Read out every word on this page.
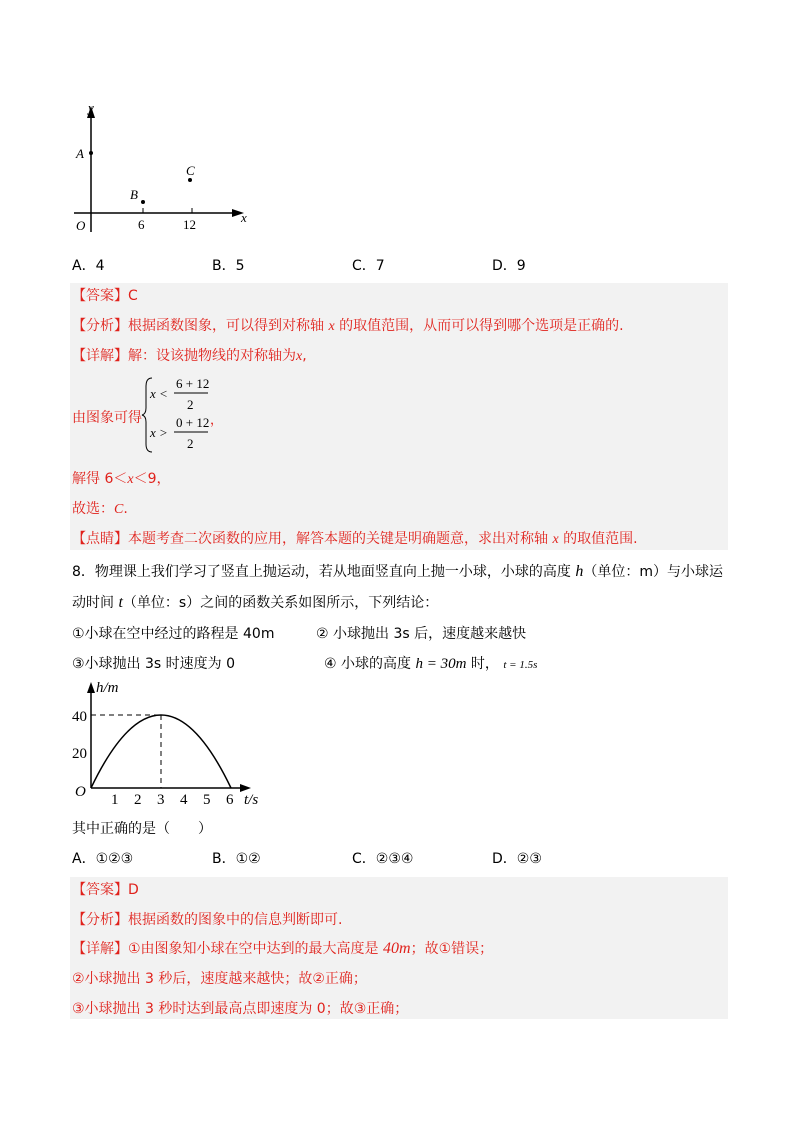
y
x
O
A
B
C
6	12
A．4	B．5	C．7	D．9
【答案】C
【分析】根据函数图象，可以得到对称轴 x 的取值范围，从而可以得到哪个选项是正确的.
【详解】解：设该抛物线的对称轴为x,
由图象可得
x <
6 + 12
2
x >
0 + 12
2
，
解得 6＜x＜9，
故选：C.
【点睛】本题考查二次函数的应用，解答本题的关键是明确题意，求出对称轴 x 的取值范围.
8．物理课上我们学习了竖直上抛运动，若从地面竖直向上抛一小球，小球的高度 h（单位：m）与小球运
动时间 t（单位：s）之间的函数关系如图所示，下列结论：
①小球在空中经过的路程是 40m	② 小球抛出 3s 后，速度越来越快
③小球抛出 3s 时速度为 0	④ 小球的高度 h = 30m 时， t = 1.5s
h/m
40
20
O 1 2 3 4 5 6 t/s
其中正确的是（　　）
A．①②③	B．①②	C．②③④	D．②③
【答案】D
【分析】根据函数的图象中的信息判断即可.
【详解】①由图象知小球在空中达到的最大高度是 40m；故①错误；
②小球抛出 3 秒后，速度越来越快；故②正确；
③小球抛出 3 秒时达到最高点即速度为 0；故③正确；
